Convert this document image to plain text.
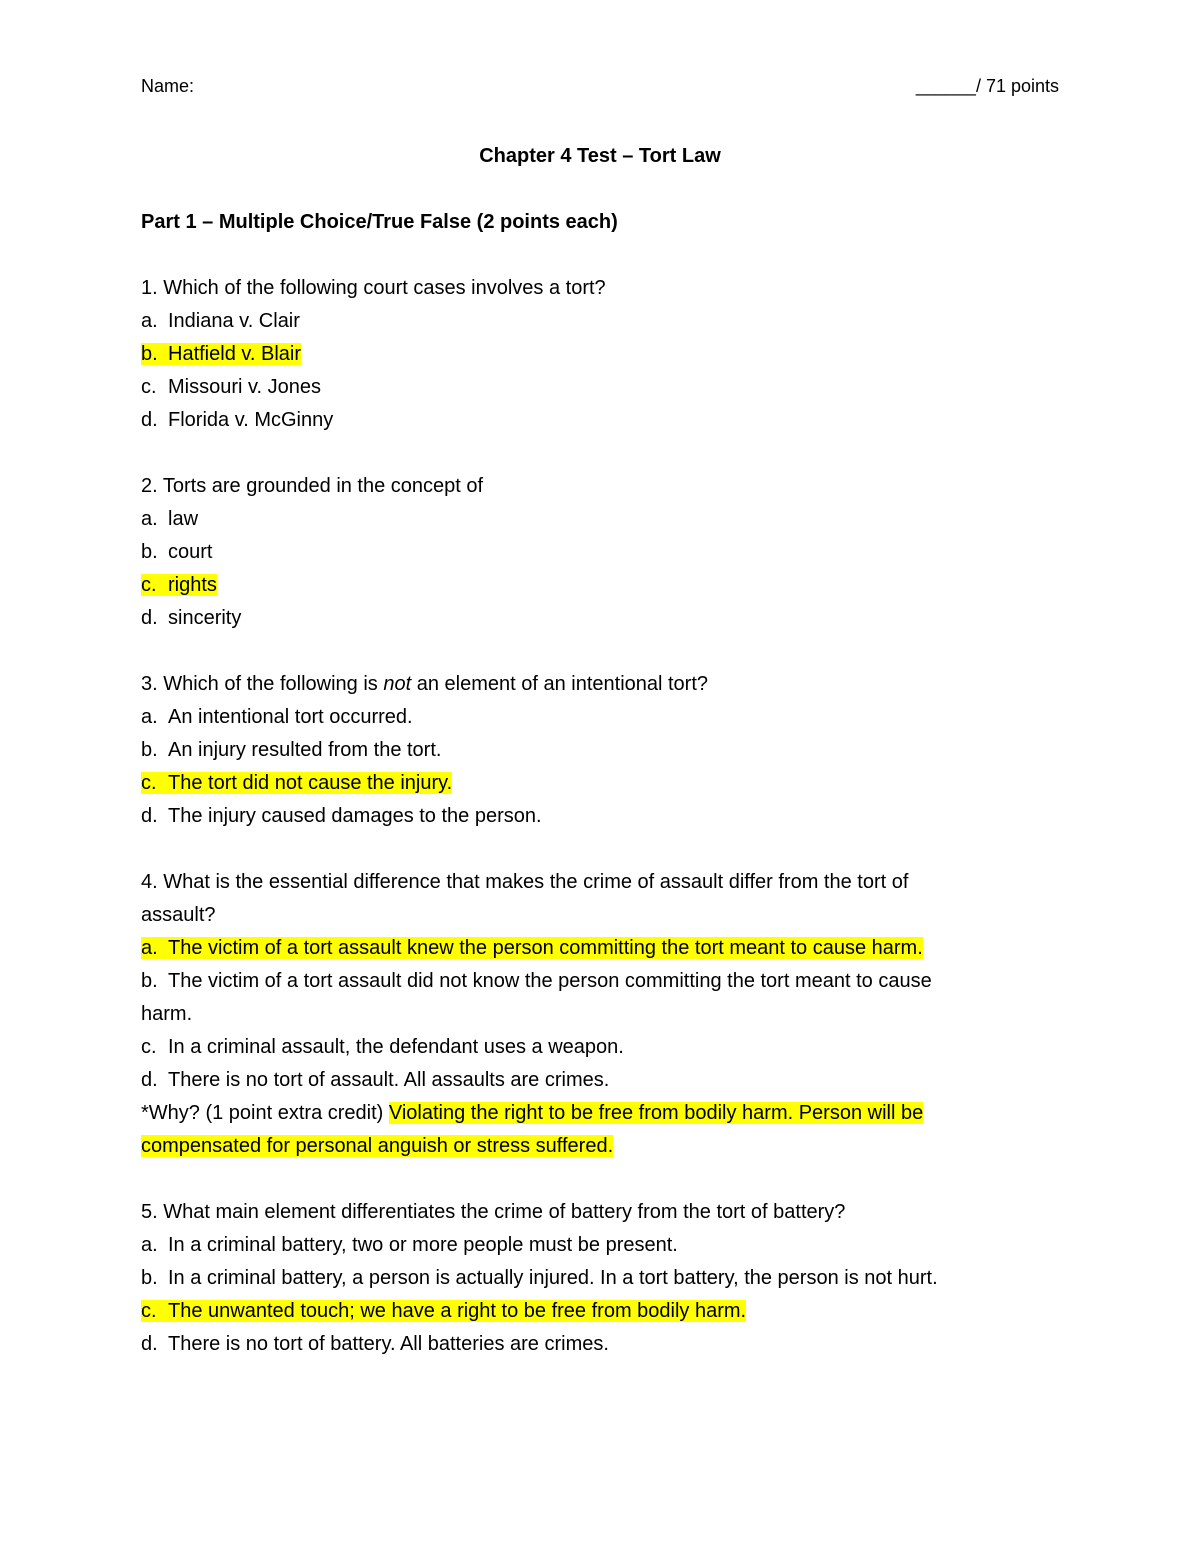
Name:	______/ 71 points
Chapter 4 Test – Tort Law
Part 1 – Multiple Choice/True False (2 points each)
1. Which of the following court cases involves a tort?
a. Indiana v. Clair
b. Hatfield v. Blair
c. Missouri v. Jones
d. Florida v. McGinny
2. Torts are grounded in the concept of
a. law
b. court
c. rights
d. sincerity
3. Which of the following is not an element of an intentional tort?
a. An intentional tort occurred.
b. An injury resulted from the tort.
c. The tort did not cause the injury.
d. The injury caused damages to the person.
4. What is the essential difference that makes the crime of assault differ from the tort of
assault?
a. The victim of a tort assault knew the person committing the tort meant to cause harm.
b. The victim of a tort assault did not know the person committing the tort meant to cause
harm.
c. In a criminal assault, the defendant uses a weapon.
d. There is no tort of assault. All assaults are crimes.
*Why? (1 point extra credit) Violating the right to be free from bodily harm. Person will be
compensated for personal anguish or stress suffered.
5. What main element differentiates the crime of battery from the tort of battery?
a. In a criminal battery, two or more people must be present.
b. In a criminal battery, a person is actually injured. In a tort battery, the person is not hurt.
c. The unwanted touch; we have a right to be free from bodily harm.
d. There is no tort of battery. All batteries are crimes.
